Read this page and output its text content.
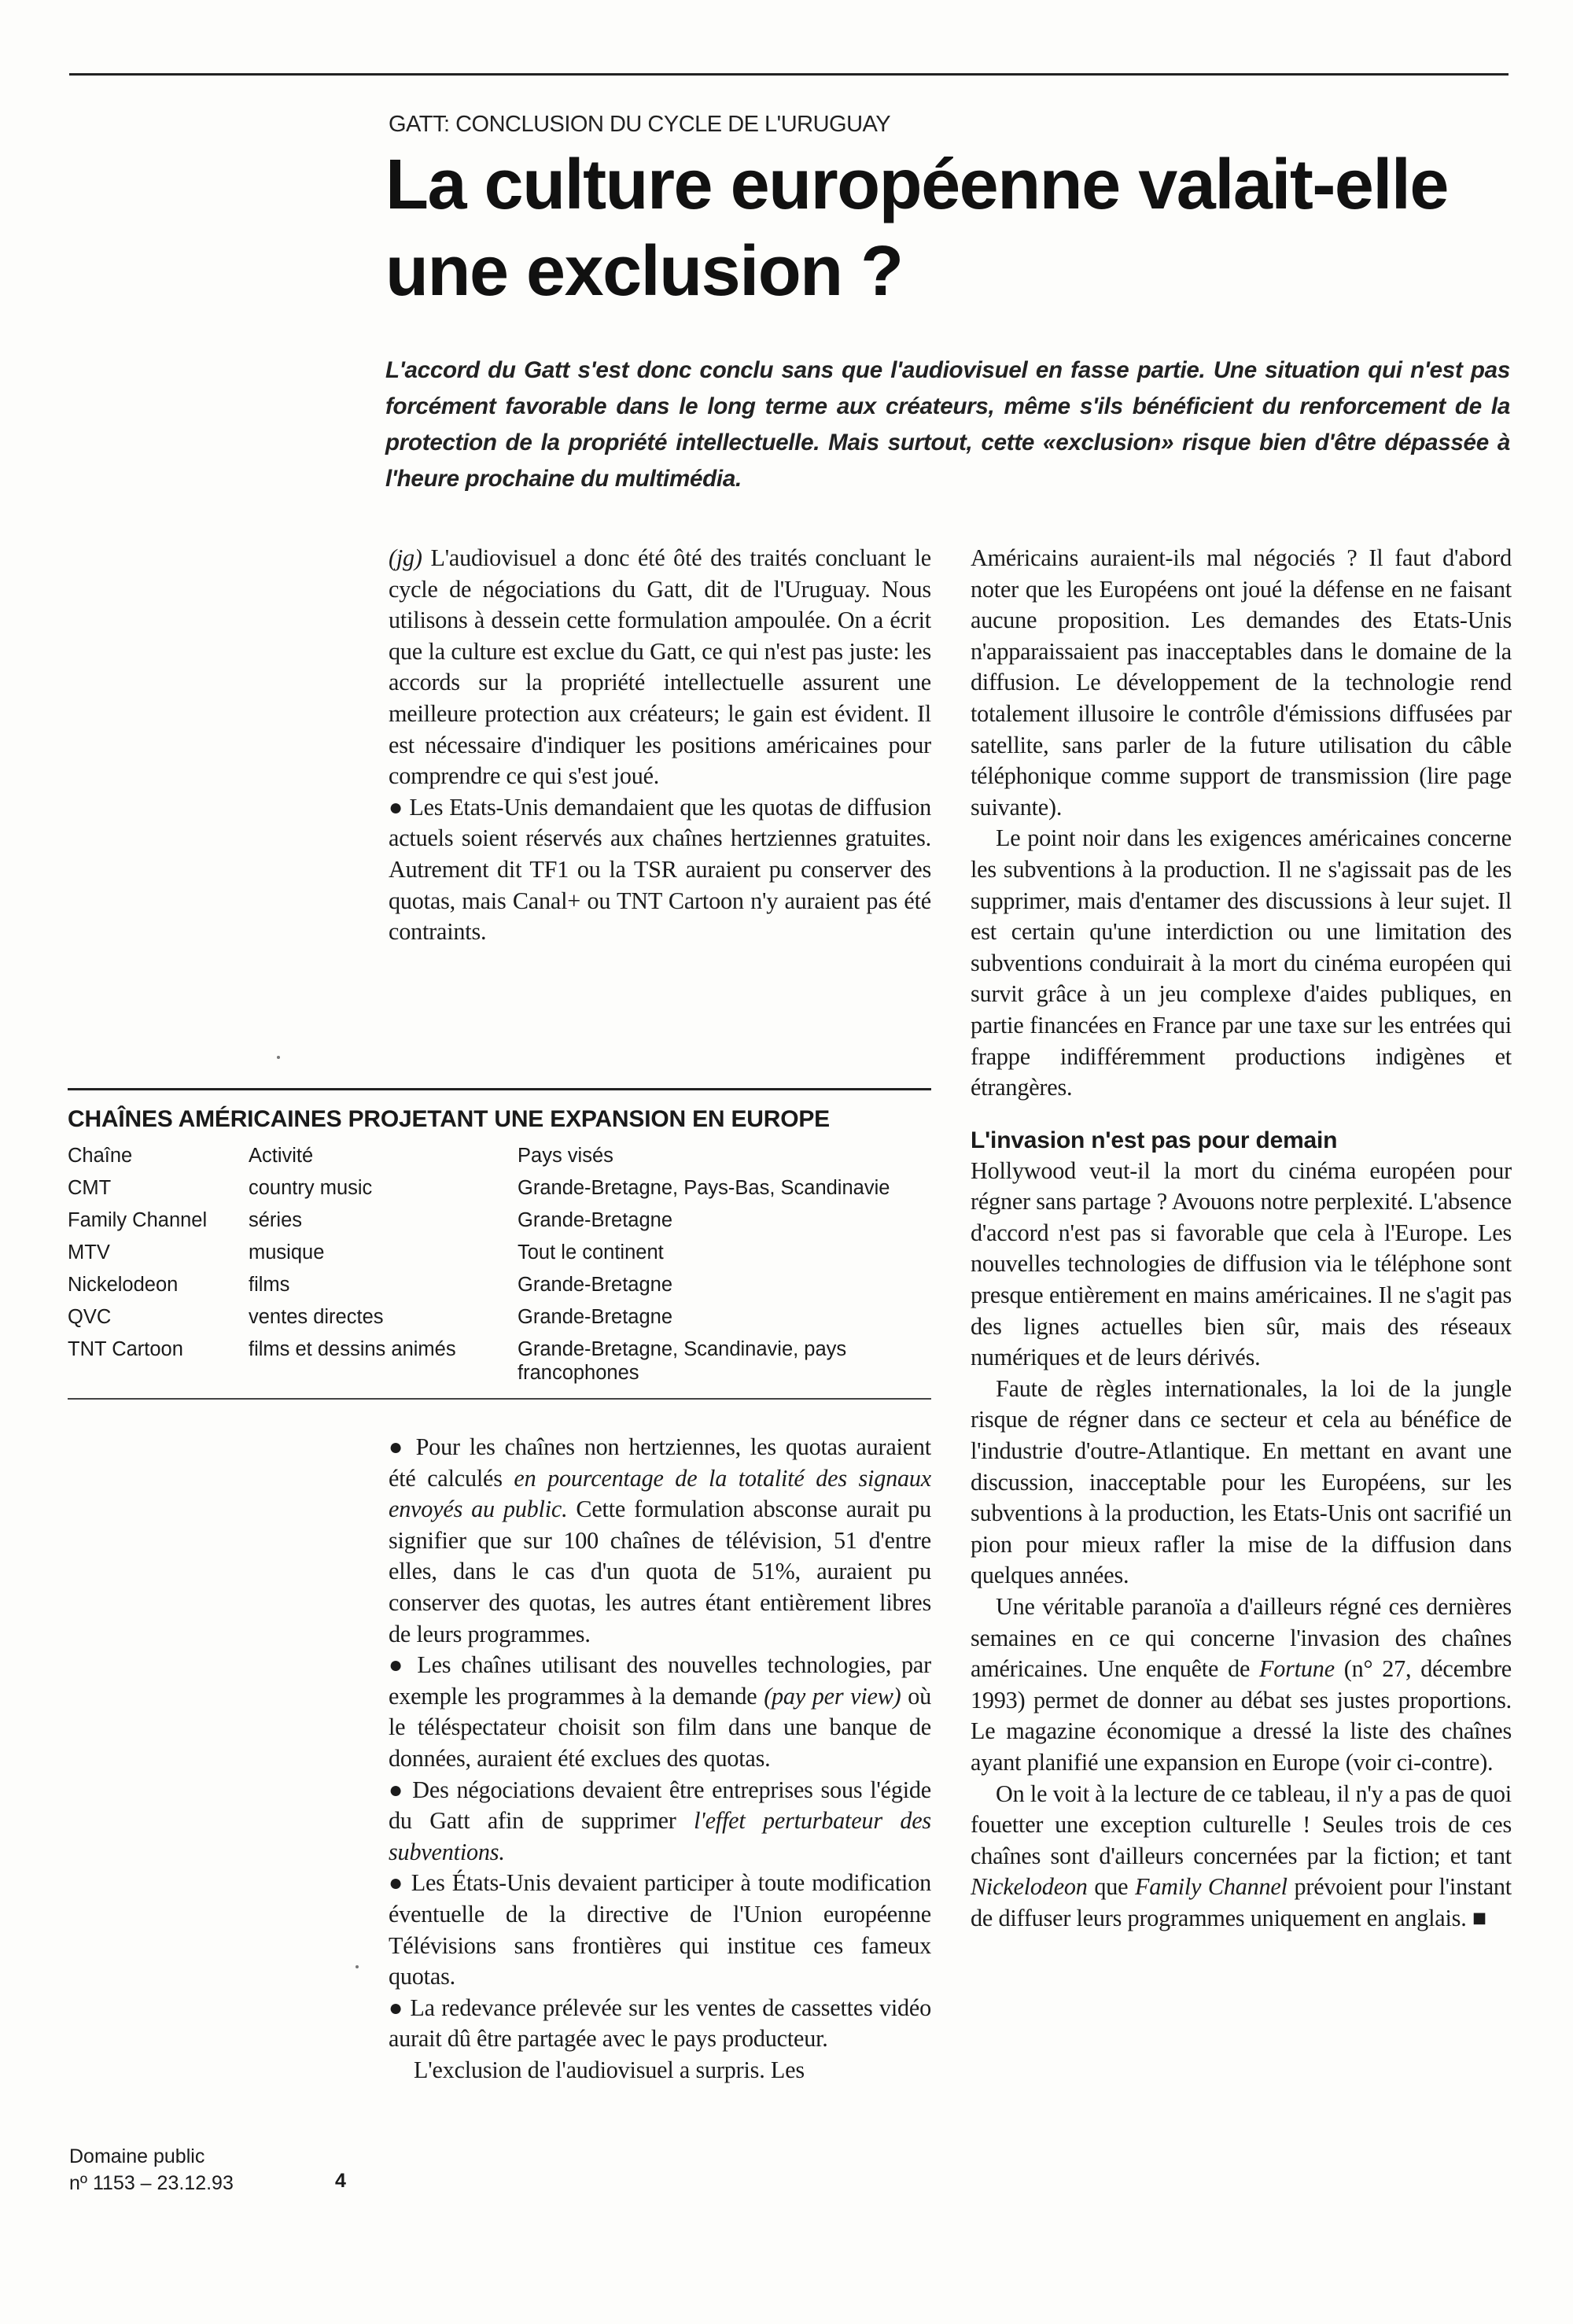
GATT: CONCLUSION DU CYCLE DE L'URUGUAY

La culture européenne valait-elle une exclusion ?

L'accord du Gatt s'est donc conclu sans que l'audiovisuel en fasse partie. Une situation qui n'est pas forcément favorable dans le long terme aux créateurs, même s'ils bénéficient du renforcement de la protection de la propriété intellectuelle. Mais surtout, cette «exclusion» risque bien d'être dépassée à l'heure prochaine du multimédia.

(jg) L'audiovisuel a donc été ôté des traités concluant le cycle de négociations du Gatt, dit de l'Uruguay. Nous utilisons à dessein cette formulation ampoulée. On a écrit que la culture est exclue du Gatt, ce qui n'est pas juste: les accords sur la propriété intellectuelle assurent une meilleure protection aux créateurs; le gain est évident. Il est nécessaire d'indiquer les positions américaines pour comprendre ce qui s'est joué.

● Les Etats-Unis demandaient que les quotas de diffusion actuels soient réservés aux chaînes hertziennes gratuites. Autrement dit TF1 ou la TSR auraient pu conserver des quotas, mais Canal+ ou TNT Cartoon n'y auraient pas été contraints.

CHAÎNES AMÉRICAINES PROJETANT UNE EXPANSION EN EUROPE
Chaîne	Activité	Pays visés
CMT	country music	Grande-Bretagne, Pays-Bas, Scandinavie
Family Channel	séries	Grande-Bretagne
MTV	musique	Tout le continent
Nickelodeon	films	Grande-Bretagne
QVC	ventes directes	Grande-Bretagne
TNT Cartoon	films et dessins animés	Grande-Bretagne, Scandinavie, pays francophones

● Pour les chaînes non hertziennes, les quotas auraient été calculés en pourcentage de la totalité des signaux envoyés au public. Cette formulation absconse aurait pu signifier que sur 100 chaînes de télévision, 51 d'entre elles, dans le cas d'un quota de 51%, auraient pu conserver des quotas, les autres étant entièrement libres de leurs programmes.

● Les chaînes utilisant des nouvelles technologies, par exemple les programmes à la demande (pay per view) où le téléspectateur choisit son film dans une banque de données, auraient été exclues des quotas.

● Des négociations devaient être entreprises sous l'égide du Gatt afin de supprimer l'effet perturbateur des subventions.

● Les États-Unis devaient participer à toute modification éventuelle de la directive de l'Union européenne Télévisions sans frontières qui institue ces fameux quotas.

● La redevance prélevée sur les ventes de cassettes vidéo aurait dû être partagée avec le pays producteur.

L'exclusion de l'audiovisuel a surpris. Les

Américains auraient-ils mal négociés ? Il faut d'abord noter que les Européens ont joué la défense en ne faisant aucune proposition. Les demandes des Etats-Unis n'apparaissaient pas inacceptables dans le domaine de la diffusion. Le développement de la technologie rend totalement illusoire le contrôle d'émissions diffusées par satellite, sans parler de la future utilisation du câble téléphonique comme support de transmission (lire page suivante).

Le point noir dans les exigences américaines concerne les subventions à la production. Il ne s'agissait pas de les supprimer, mais d'entamer des discussions à leur sujet. Il est certain qu'une interdiction ou une limitation des subventions conduirait à la mort du cinéma européen qui survit grâce à un jeu complexe d'aides publiques, en partie financées en France par une taxe sur les entrées qui frappe indifféremment productions indigènes et étrangères.

L'invasion n'est pas pour demain

Hollywood veut-il la mort du cinéma européen pour régner sans partage ? Avouons notre perplexité. L'absence d'accord n'est pas si favorable que cela à l'Europe. Les nouvelles technologies de diffusion via le téléphone sont presque entièrement en mains américaines. Il ne s'agit pas des lignes actuelles bien sûr, mais des réseaux numériques et de leurs dérivés.

Faute de règles internationales, la loi de la jungle risque de régner dans ce secteur et cela au bénéfice de l'industrie d'outre-Atlantique. En mettant en avant une discussion, inacceptable pour les Européens, sur les subventions à la production, les Etats-Unis ont sacrifié un pion pour mieux rafler la mise de la diffusion dans quelques années.

Une véritable paranoïa a d'ailleurs régné ces dernières semaines en ce qui concerne l'invasion des chaînes américaines. Une enquête de Fortune (n° 27, décembre 1993) permet de donner au débat ses justes proportions. Le magazine économique a dressé la liste des chaînes ayant planifié une expansion en Europe (voir ci-contre).

On le voit à la lecture de ce tableau, il n'y a pas de quoi fouetter une exception culturelle ! Seules trois de ces chaînes sont d'ailleurs concernées par la fiction; et tant Nickelodeon que Family Channel prévoient pour l'instant de diffuser leurs programmes uniquement en anglais. ■

Domaine public
nº 1153 – 23.12.93	4
